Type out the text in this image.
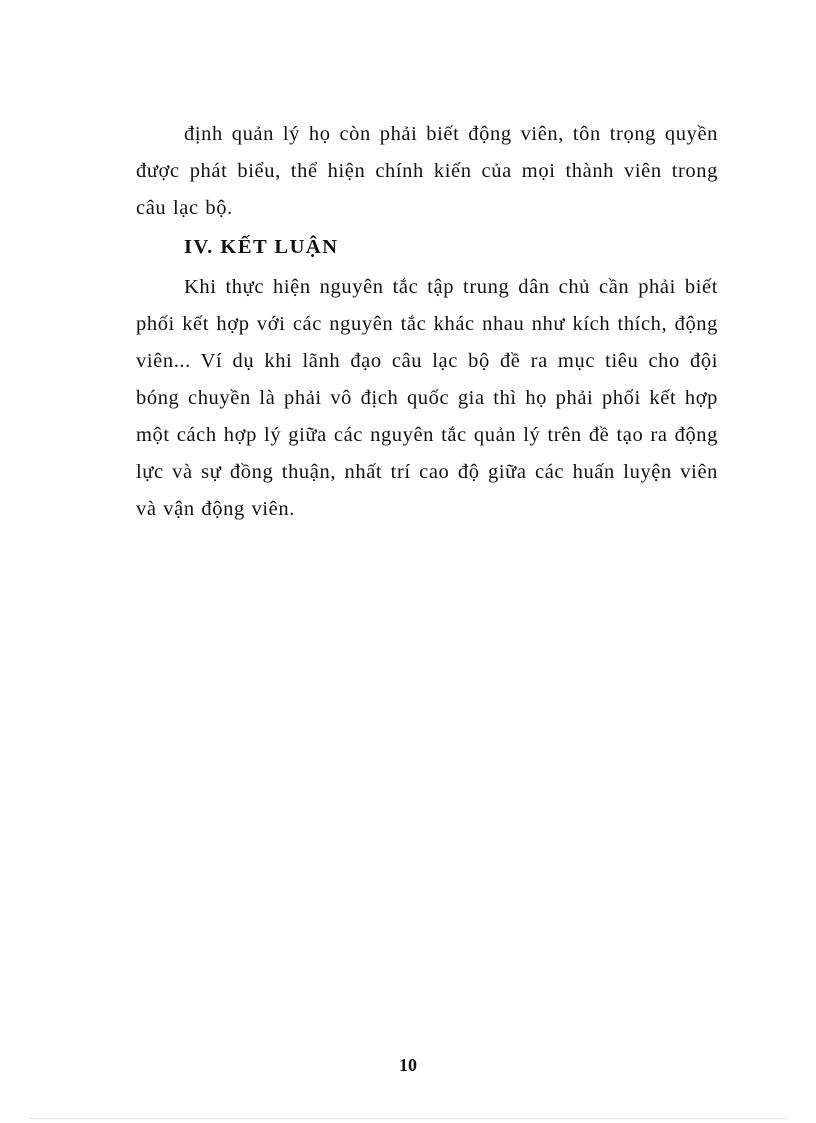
định quản lý họ còn phải biết động viên, tôn trọng quyền được phát biểu, thể hiện chính kiến của mọi thành viên trong câu lạc bộ.

IV. KẾT LUẬN

Khi thực hiện nguyên tắc tập trung dân chủ cần phải biết phối kết hợp với các nguyên tắc khác nhau như kích thích, động viên... Ví dụ khi lãnh đạo câu lạc bộ đề ra mục tiêu cho đội bóng chuyền là phải vô địch quốc gia thì họ phải phối kết hợp một cách hợp lý giữa các nguyên tắc quản lý trên đề tạo ra động lực và sự đồng thuận, nhất trí cao độ giữa các huấn luyện viên và vận động viên.

10
